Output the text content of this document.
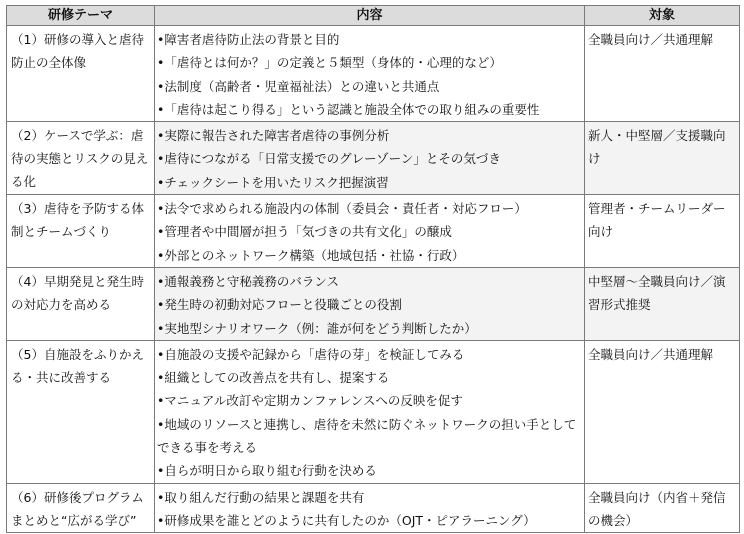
研修テーマ	内容	対象

（1）研修の導入と虐待防止の全体像	•障害者虐待防止法の背景と目的
•「虐待とは何か？」の定義と５類型（身体的・心理的など）
•法制度（高齢者・児童福祉法）との違いと共通点
•「虐待は起こり得る」という認識と施設全体での取り組みの重要性	全職員向け／共通理解

（2）ケースで学ぶ：虐待の実態とリスクの見える化	•実際に報告された障害者虐待の事例分析
•虐待につながる「日常支援でのグレーゾーン」とその気づき
•チェックシートを用いたリスク把握演習	新人・中堅層／支援職向け

（3）虐待を予防する体制とチームづくり	•法令で求められる施設内の体制（委員会・責任者・対応フロー）
•管理者や中間層が担う「気づきの共有文化」の醸成
•外部とのネットワーク構築（地域包括・社協・行政）	管理者・チームリーダー向け

（4）早期発見と発生時の対応力を高める	•通報義務と守秘義務のバランス
•発生時の初動対応フローと役職ごとの役割
•実地型シナリオワーク（例：誰が何をどう判断したか）	中堅層〜全職員向け／演習形式推奨

（5）自施設をふりかえる・共に改善する	•自施設の支援や記録から「虐待の芽」を検証してみる
•組織としての改善点を共有し、提案する
•マニュアル改訂や定期カンファレンスへの反映を促す
•地域のリソースと連携し、虐待を未然に防ぐネットワークの担い手としてできる事を考える
•自らが明日から取り組む行動を決める	全職員向け／共通理解

（6）研修後プログラムまとめと“広がる学び”	•取り組んだ行動の結果と課題を共有
•研修成果を誰とどのように共有したのか（OJT・ピアラーニング）	全職員向け（内省＋発信の機会）
